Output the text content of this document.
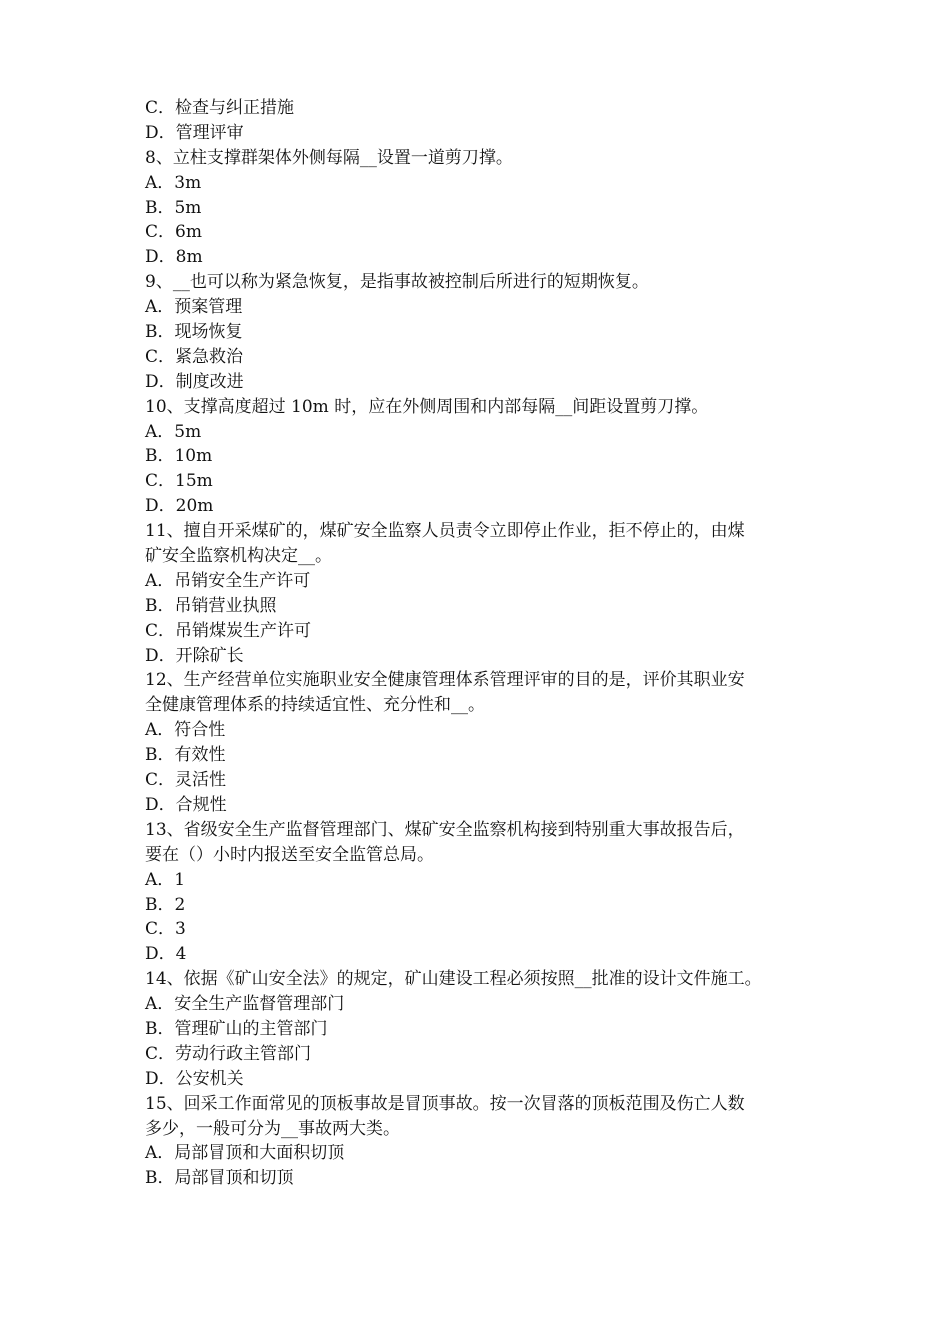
C．检查与纠正措施
D．管理评审
8、立柱支撑群架体外侧每隔__设置一道剪刀撑。
A．3m
B．5m
C．6m
D．8m
9、__也可以称为紧急恢复，是指事故被控制后所进行的短期恢复。
A．预案管理
B．现场恢复
C．紧急救治
D．制度改进
10、支撑高度超过 10m 时，应在外侧周围和内部每隔__间距设置剪刀撑。
A．5m
B．10m
C．15m
D．20m
11、擅自开采煤矿的，煤矿安全监察人员责令立即停止作业，拒不停止的，由煤
矿安全监察机构决定__。
A．吊销安全生产许可
B．吊销营业执照
C．吊销煤炭生产许可
D．开除矿长
12、生产经营单位实施职业安全健康管理体系管理评审的目的是，评价其职业安
全健康管理体系的持续适宜性、充分性和__。
A．符合性
B．有效性
C．灵活性
D．合规性
13、省级安全生产监督管理部门、煤矿安全监察机构接到特别重大事故报告后，
要在（）小时内报送至安全监管总局。
A．1
B．2
C．3
D．4
14、依据《矿山安全法》的规定，矿山建设工程必须按照__批准的设计文件施工。
A．安全生产监督管理部门
B．管理矿山的主管部门
C．劳动行政主管部门
D．公安机关
15、回采工作面常见的顶板事故是冒顶事故。按一次冒落的顶板范围及伤亡人数
多少，一般可分为__事故两大类。
A．局部冒顶和大面积切顶
B．局部冒顶和切顶
